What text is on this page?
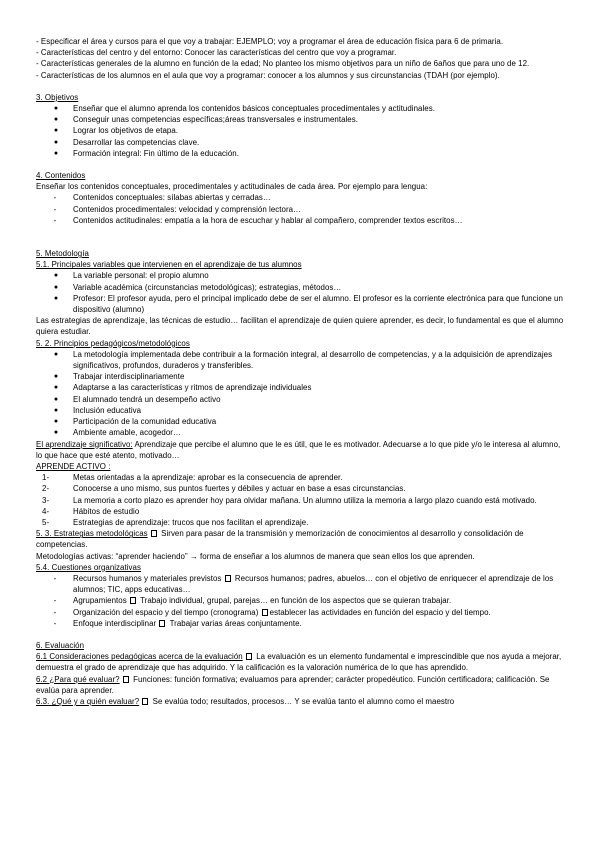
- Especificar el área y cursos para el que voy a trabajar: EJEMPLO; voy a programar el área de educación física para 6 de primaria.

- Características del centro y del entorno: Conocer las características del centro que voy a programar.

- Características generales de la alumno en función de la edad; No planteo los mismo objetivos para un niño de 6años que para uno de 12.

- Características de los alumnos en el aula que voy a programar: conocer a los alumnos y sus circunstancias (TDAH (por ejemplo).

3. Objetivos

●	Enseñar que el alumno aprenda los contenidos básicos conceptuales procedimentales y actitudinales.
●	Conseguir unas competencias específicas;áreas transversales e instrumentales.
●	Lograr los objetivos de etapa.
●	Desarrollar las competencias clave.
●	Formación integral: Fin último de la educación.

4. Contenidos

Enseñar los contenidos conceptuales, procedimentales y actitudinales de cada área. Por ejemplo para lengua:

-	Contenidos conceptuales: sílabas abiertas y cerradas…
-	Contenidos procedimentales: velocidad y comprensión lectora…
-	Contenidos actitudinales: empatía a la hora de escuchar y hablar al compañero, comprender textos escritos…

5. Metodología

5.1. Principales variables que intervienen en el aprendizaje de tus alumnos

●	La variable personal: el propio alumno
●	Variable académica (circunstancias metodológicas); estrategias, métodos…
●	Profesor: El profesor ayuda, pero el principal implicado debe de ser el alumno. El profesor es la corriente electrónica para que funcione un dispositivo (alumno)

Las estrategias de aprendizaje, las técnicas de estudio… facilitan el aprendizaje de quien quiere aprender, es decir, lo fundamental es que el alumno quiera estudiar.

5. 2. Principios pedagógicos/metodológicos

●	La metodología implementada debe contribuir a la formación integral, al desarrollo de competencias, y a la adquisición de aprendizajes significativos, profundos, duraderos y transferibles.
●	Trabajar interdisciplinariamente
●	Adaptarse a las características y ritmos de aprendizaje individuales
●	El alumnado tendrá un desempeño activo
●	Inclusión educativa
●	Participación de la comunidad educativa
●	Ambiente amable, acogedor…

El aprendizaje significativo: Aprendizaje que percibe el alumno que le es útil, que le es motivador. Adecuarse a lo que pide y/o le interesa al alumno, lo que hace que esté atento, motivado…

APRENDE ACTIVO :

1-	Metas orientadas a la aprendizaje: aprobar es la consecuencia de aprender.
2-	Conocerse a uno mismo, sus puntos fuertes y débiles y actuar en base a esas circunstancias.
3-	La memoria a corto plazo es aprender hoy para olvidar mañana. Un alumno utiliza la memoria a largo plazo cuando está motivado.
4-	Hábitos de estudio
5-	Estrategias de aprendizaje: trucos que nos facilitan el aprendizaje.

5. 3. Estrategias metodológicas  Sirven para pasar de la transmisión y memorización de conocimientos al desarrollo y consolidación de competencias.

Metodologías activas: “aprender haciendo” → forma de enseñar a los alumnos de manera que sean ellos los que aprenden.

5.4. Cuestiones organizativas

-	Recursos humanos y materiales previstos  Recursos humanos; padres, abuelos… con el objetivo de enriquecer el aprendizaje de los alumnos; TIC, apps educativas…
-	Agrupamientos  Trabajo individual, grupal, parejas… en función de los aspectos que se quieran trabajar.
-	Organización del espacio y del tiempo (cronograma) establecer las actividades en función del espacio y del tiempo.
-	Enfoque interdisciplinar  Trabajar varias áreas conjuntamente.

6. Evaluación

6.1 Consideraciones pedagógicas acerca de la evaluación  La evaluación es un elemento fundamental e imprescindible que nos ayuda a mejorar, demuestra el grado de aprendizaje que has adquirido. Y la calificación es la valoración numérica de lo que has aprendido.

6.2 ¿Para qué evaluar?  Funciones: función formativa; evaluamos para aprender; carácter propedéutico. Función certificadora; calificación. Se evalúa para aprender.

6.3. ¿Qué y a quién evaluar?  Se evalúa todo; resultados, procesos… Y se evalúa tanto el alumno como el maestro
